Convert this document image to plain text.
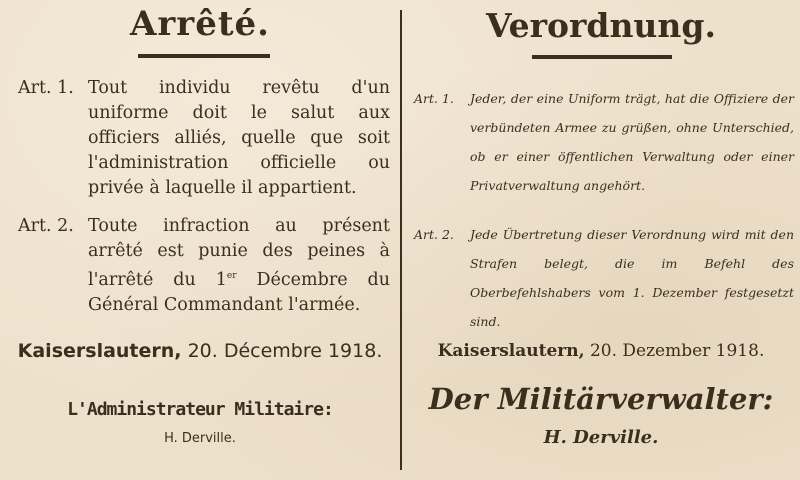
Arrêté.
Art. 1. Tout individu revêtu d'un uniforme doit le salut aux officiers alliés, quelle que soit l'administration officielle ou privée à laquelle il appartient.
Art. 2. Toute infraction au présent arrêté est punie des peines à l'arrêté du 1er Décembre du Général Commandant l'armée.
Kaiserslautern, 20. Décembre 1918.
L'Administrateur Militaire:
H. Derville.
Verordnung.
Art. 1. Jeder, der eine Uniform trägt, hat die Offiziere der verbündeten Armee zu grüßen, ohne Unterschied, ob er einer öffentlichen Verwaltung oder einer Privatverwaltung angehört.
Art. 2. Jede Übertretung dieser Verordnung wird mit den Strafen belegt, die im Befehl des Oberbefehlshabers vom 1. Dezember festgesetzt sind.
Kaiserslautern, 20. Dezember 1918.
Der Militärverwalter:
H. Derville.
